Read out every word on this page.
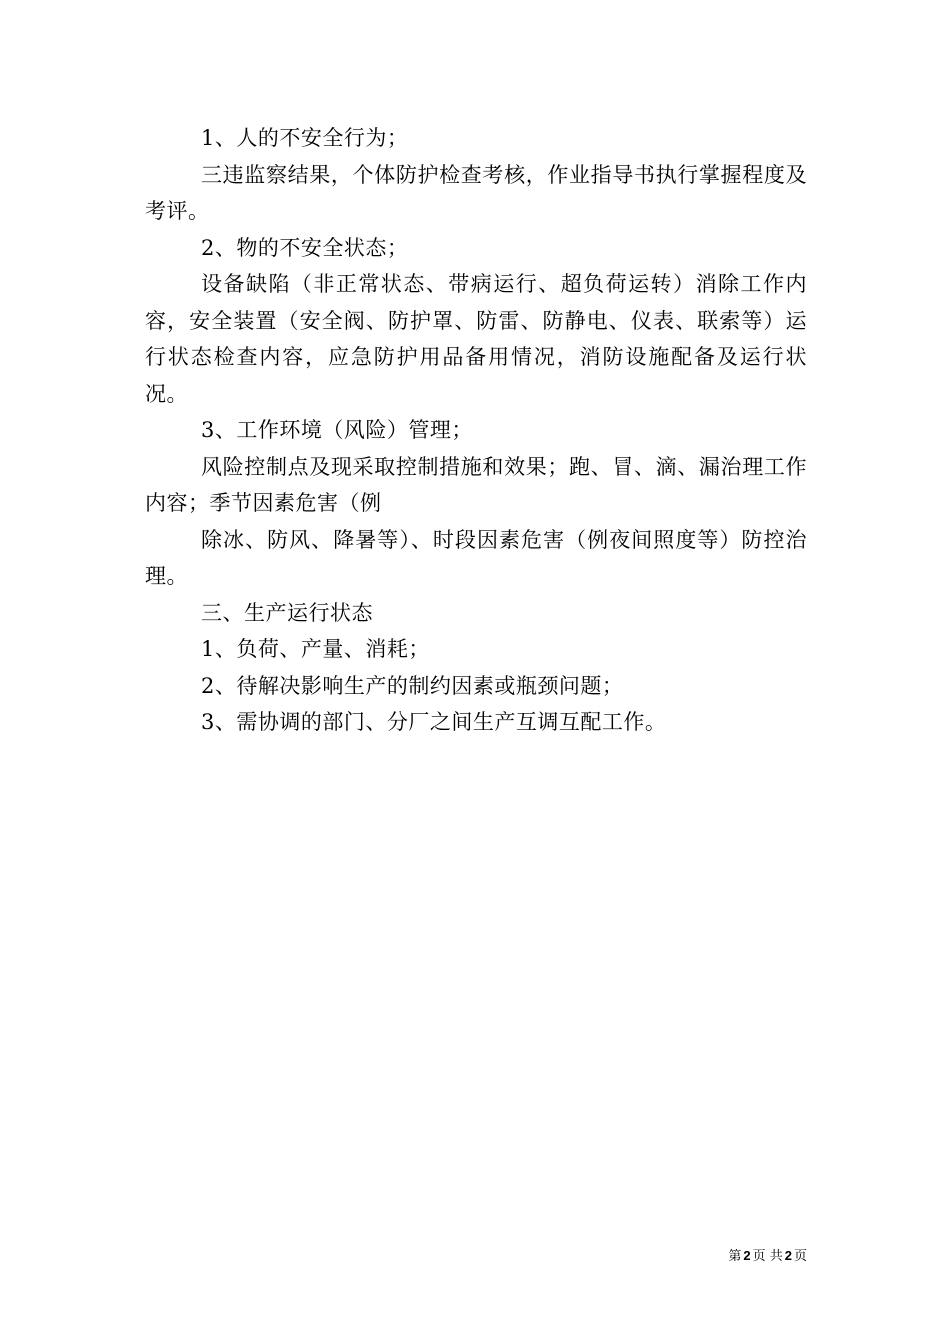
1、人的不安全行为；

三违监察结果，个体防护检查考核，作业指导书执行掌握程度及考评。

2、物的不安全状态；

设备缺陷（非正常状态、带病运行、超负荷运转）消除工作内容，安全装置（安全阀、防护罩、防雷、防静电、仪表、联索等）运行状态检查内容，应急防护用品备用情况，消防设施配备及运行状况。

3、工作环境（风险）管理；

风险控制点及现采取控制措施和效果；跑、冒、滴、漏治理工作内容；季节因素危害（例

除冰、防风、降暑等）、时段因素危害（例夜间照度等）防控治理。

三、生产运行状态

1、负荷、产量、消耗；

2、待解决影响生产的制约因素或瓶颈问题；

3、需协调的部门、分厂之间生产互调互配工作。

第 2 页 共 2 页
